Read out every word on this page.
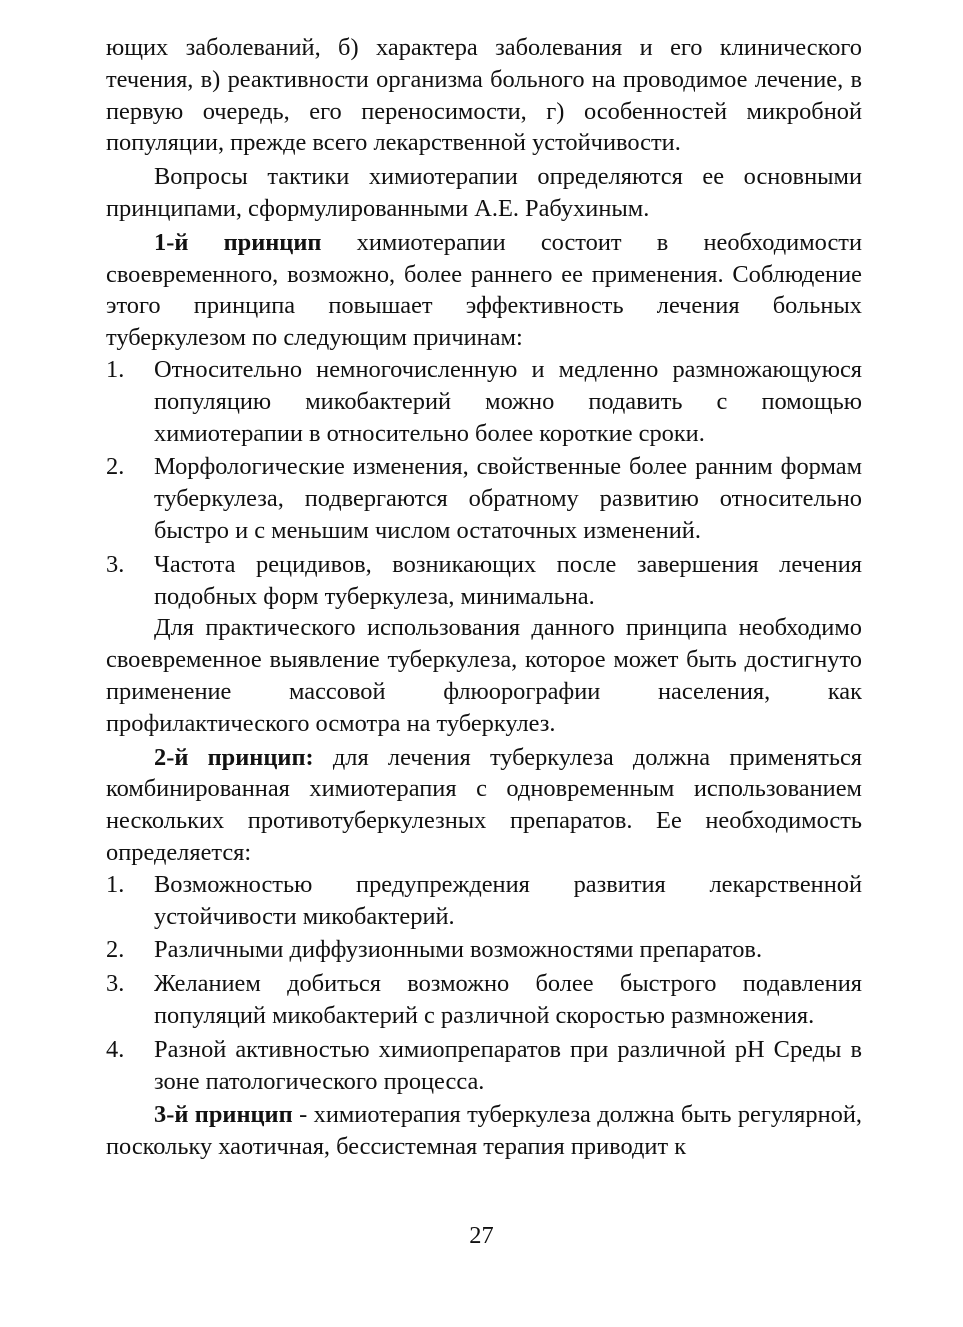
ющих заболеваний, б) характера заболевания и его клинического течения, в) реактивности организма больного на проводимое лечение, в первую очередь, его переносимости, г) особенностей микробной популяции, прежде всего лекарственной устойчивости.

Вопросы тактики химиотерапии определяются ее основными принципами, сформулированными А.Е. Рабухиным.

1-й принцип химиотерапии состоит в необходимости своевременного, возможно, более раннего ее применения. Соблюдение этого принципа повышает эффективность лечения больных туберкулезом по следующим причинам:

1. Относительно немногочисленную и медленно размножающуюся популяцию микобактерий можно подавить с помощью химиотерапии в относительно более короткие сроки.
2. Морфологические изменения, свойственные более ранним формам туберкулеза, подвергаются обратному развитию относительно быстро и с меньшим числом остаточных изменений.
3. Частота рецидивов, возникающих после завершения лечения подобных форм туберкулеза, минимальна.

Для практического использования данного принципа необходимо своевременное выявление туберкулеза, которое может быть достигнуто применение массовой флюорографии населения, как профилактического осмотра на туберкулез.

2-й принцип: для лечения туберкулеза должна применяться комбинированная химиотерапия с одновременным использованием нескольких противотуберкулезных препаратов. Ее необходимость определяется:

1. Возможностью предупреждения развития лекарственной устойчивости микобактерий.
2. Различными диффузионными возможностями препаратов.
3. Желанием добиться возможно более быстрого подавления популяций микобактерий с различной скоростью размножения.
4. Разной активностью химиопрепаратов при различной pH Среды в зоне патологического процесса.

3-й принцип - химиотерапия туберкулеза должна быть регулярной, поскольку хаотичная, бессистемная терапия приводит к

27
